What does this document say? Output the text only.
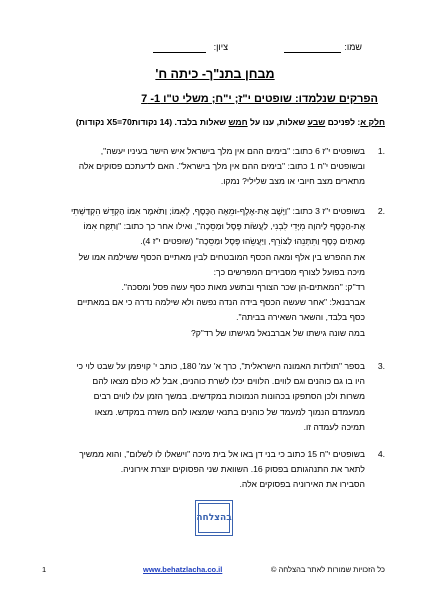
שמו:
ציון:
מבחן בתנ"ך- כיתה ח'
הפרקים שנלמדו: שופטים י"ז; י"ח; משלי ט"ו 1- 7
חלק א: לפניכם שבע שאלות, ענו על חמש שאלות בלבד. (14 נקודותX5=70 נקודות)
1.
בשופטים י"ז 6 כתוב: "בימים ההם אין מלך בישראל איש הישר בעיניו יעשה",
ובשופטים י"ח 1 כתוב: "בימים ההם אין מלך בישראל". האם לדעתכם פסוקים אלה
מתארים מצב חיובי או מצב שלילי? נמקו.
2.
בשופטים י"ז 3 כתוב: "וַיָּשֶׁב אֶת-אֶלֶף-וּמֵאָה הַכֶּסֶף, לְאִמּוֹ; וַתֹּאמֶר אִמּוֹ הַקְדֵּשׁ הִקְדַּשְׁתִּי
אֶת-הַכֶּסֶף לַיהוָה מִיָּדִי לִבְנִי, לַעֲשׂוֹת פֶּסֶל וּמַסֵּכָה", ואילו אחר כך כתוב: "וַתִּקַּח אִמּוֹ
מָאתַיִם כֶּסֶף וַתִּתְּנֵהוּ לַצּוֹרֵף, וַיַּעֲשֵׂהוּ פֶּסֶל וּמַסֵּכָה" (שופטים י"ז 4).
את ההפרש בין אלף ומאה הכסף המובטחים לבין מאתיים הכסף ששילמה אמו של
מיכה בפועל לצורף מסבירים המפרשים כך:
רד"ק: "המאתים-הן שכר הצורף ובתשע מאות כסף עשה פסל ומסכה".
אברבנאל: "אחר שעשה הכסף בידה הנדה נפשה ולא שילמה נדרה כי אם במאתיים
כסף בלבד, והשאר השאירה בביתה".
במה שונה גישתו של אברבנאל מגישתו של רד"ק?
3.
בספר "תולדות האמונה הישראלית", כרך א' עמ' 180, כותב י' קויפמן על שבט לוי כי
היו בו גם כוהנים וגם לווים. הלווים יכלו לשרת כוהנים, אבל לא כולם מצאו להם
משרות ולכן הסתפקו בכהונות הנמוכות במקדשים. במשך הזמן עלו לווים רבים
ממעמדם הנמוך למעמד של כוהנים בתנאי שמצאו להם משרה במקדש. מצאו
תמיכה לעמדה זו.
4.
בשופטים י"ח 15 כתוב כי בני דן באו אל בית מיכה "וישאלו לו לשלום", והוא ממשיך
לתאר את התנהגותם בפסוק 16. השוואת שני הפסוקים יוצרת אירוניה.
הסבירו את האירוניה בפסוקים אלה.
בהצלחה
כל הזכויות שמורות לאתר בהצלחה ©
www.behatzlacha.co.il
1
